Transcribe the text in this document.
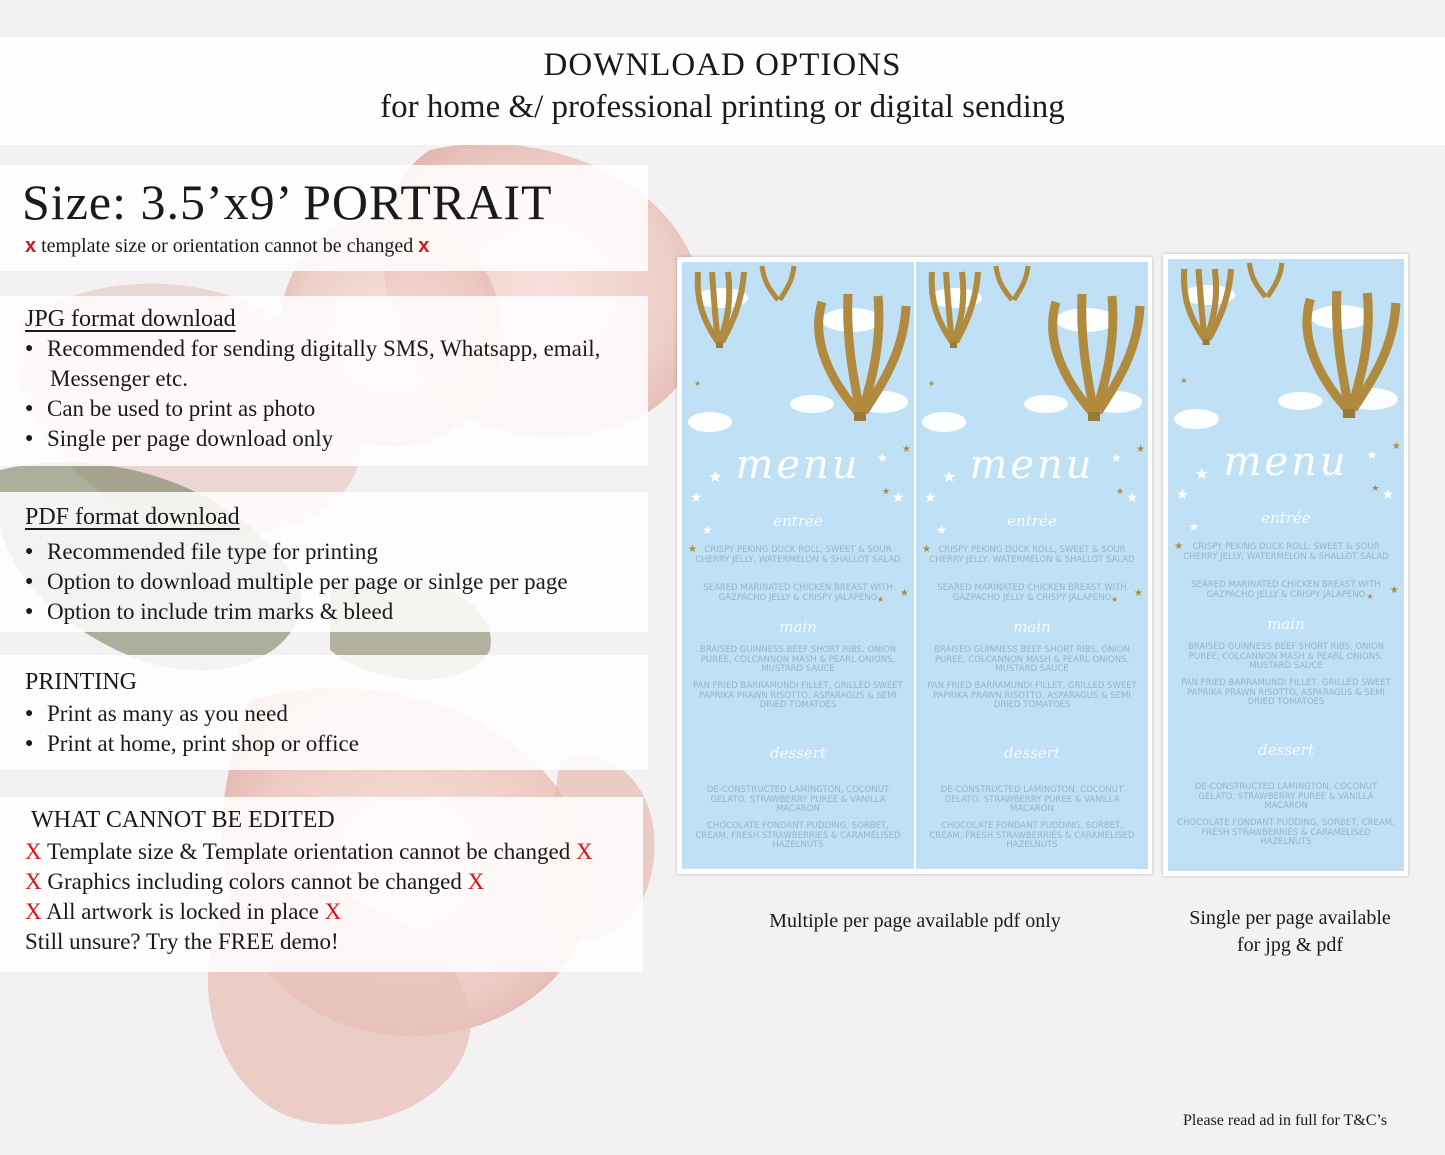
DOWNLOAD OPTIONS
for home &/ professional printing or digital sending
Size: 3.5’x9’ PORTRAIT
x template size or orientation cannot be changed x
JPG format download
● Recommended for sending digitally SMS, Whatsapp, email,
Messenger etc.
● Can be used to print as photo
● Single per page download only
PDF format download
● Recommended file type for printing
● Option to download multiple per page or sinlge per page
● Option to include trim marks & bleed
PRINTING
● Print as many as you need
● Print at home, print shop or office
WHAT CANNOT BE EDITED
X Template size & Template orientation cannot be changed X
X Graphics including colors cannot be changed X
X All artwork is locked in place X
Still unsure? Try the FREE demo!
★
★
★
★
★
★
★
★
★
★
★
★
menu
entrée
CRISPY PEKING DUCK ROLL, SWEET & SOUR CHERRY JELLY, WATERMELON & SHALLOT SALAD
SEARED MARINATED CHICKEN BREAST WITH GAZPACHO JELLY & CRISPY JALAPENO
main
BRAISED GUINNESS BEEF SHORT RIBS, ONION PUREE, COLCANNON MASH & PEARL ONIONS, MUSTARD SAUCE
PAN FRIED BARRAMUNDI FILLET, GRILLED SWEET PAPRIKA PRAWN RISOTTO, ASPARAGUS & SEMI DRIED TOMATOES
dessert
DE-CONSTRUCTED LAMINGTON, COCONUT GELATO, STRAWBERRY PUREE & VANILLA MACARON
CHOCOLATE FONDANT PUDDING, SORBET, CREAM, FRESH STRAWBERRIES & CARAMELISED HAZELNUTS
★
★
★
★
★
★
★
★
★
★
★
★
menu
entrée
CRISPY PEKING DUCK ROLL, SWEET & SOUR CHERRY JELLY, WATERMELON & SHALLOT SALAD
SEARED MARINATED CHICKEN BREAST WITH GAZPACHO JELLY & CRISPY JALAPENO
main
BRAISED GUINNESS BEEF SHORT RIBS, ONION PUREE, COLCANNON MASH & PEARL ONIONS, MUSTARD SAUCE
PAN FRIED BARRAMUNDI FILLET, GRILLED SWEET PAPRIKA PRAWN RISOTTO, ASPARAGUS & SEMI DRIED TOMATOES
dessert
DE-CONSTRUCTED LAMINGTON, COCONUT GELATO, STRAWBERRY PUREE & VANILLA MACARON
CHOCOLATE FONDANT PUDDING, SORBET, CREAM, FRESH STRAWBERRIES & CARAMELISED HAZELNUTS
★
★
★
★
★
★
★
★
★
★
★
★
menu
entrée
CRISPY PEKING DUCK ROLL, SWEET & SOUR CHERRY JELLY, WATERMELON & SHALLOT SALAD
SEARED MARINATED CHICKEN BREAST WITH GAZPACHO JELLY & CRISPY JALAPENO
main
BRAISED GUINNESS BEEF SHORT RIBS, ONION PUREE, COLCANNON MASH & PEARL ONIONS, MUSTARD SAUCE
PAN FRIED BARRAMUNDI FILLET, GRILLED SWEET PAPRIKA PRAWN RISOTTO, ASPARAGUS & SEMI DRIED TOMATOES
dessert
DE-CONSTRUCTED LAMINGTON, COCONUT GELATO, STRAWBERRY PUREE & VANILLA MACARON
CHOCOLATE FONDANT PUDDING, SORBET, CREAM, FRESH STRAWBERRIES & CARAMELISED HAZELNUTS
Multiple per page available pdf only	Single per page available
for jpg & pdf
Please read ad in full for T&C’s
